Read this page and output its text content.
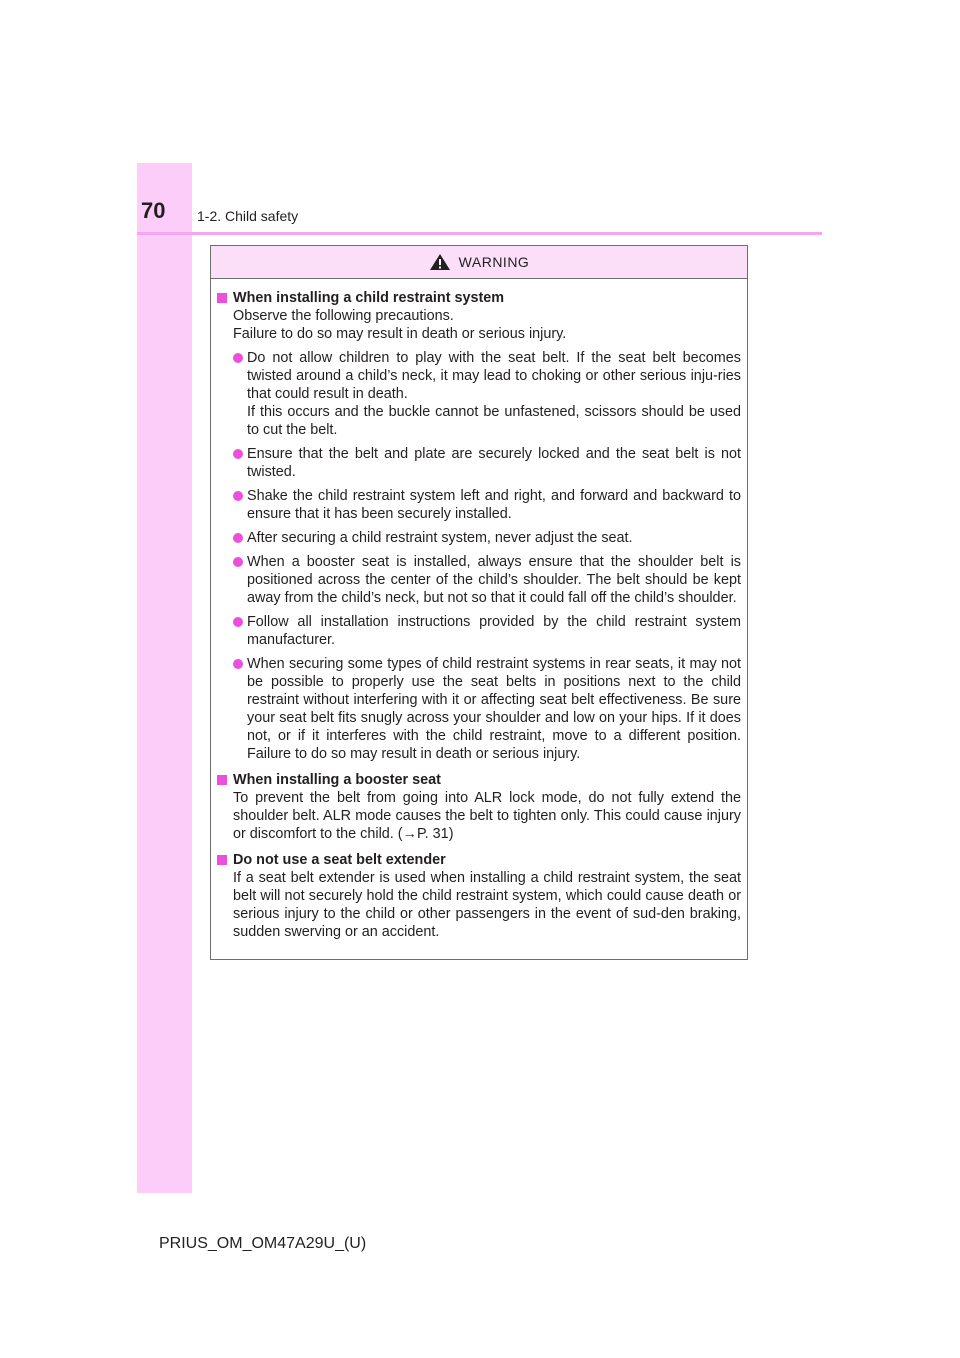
70 1-2. Child safety
WARNING
When installing a child restraint system
Observe the following precautions.
Failure to do so may result in death or serious injury.
Do not allow children to play with the seat belt. If the seat belt becomes twisted around a child’s neck, it may lead to choking or other serious inju-ries that could result in death.
If this occurs and the buckle cannot be unfastened, scissors should be used to cut the belt.
Ensure that the belt and plate are securely locked and the seat belt is not twisted.
Shake the child restraint system left and right, and forward and backward to ensure that it has been securely installed.
After securing a child restraint system, never adjust the seat.
When a booster seat is installed, always ensure that the shoulder belt is positioned across the center of the child’s shoulder. The belt should be kept away from the child’s neck, but not so that it could fall off the child’s shoulder.
Follow all installation instructions provided by the child restraint system manufacturer.
When securing some types of child restraint systems in rear seats, it may not be possible to properly use the seat belts in positions next to the child restraint without interfering with it or affecting seat belt effectiveness. Be sure your seat belt fits snugly across your shoulder and low on your hips. If it does not, or if it interferes with the child restraint, move to a different position. Failure to do so may result in death or serious injury.
When installing a booster seat
To prevent the belt from going into ALR lock mode, do not fully extend the shoulder belt. ALR mode causes the belt to tighten only. This could cause injury or discomfort to the child. (→P. 31)
Do not use a seat belt extender
If a seat belt extender is used when installing a child restraint system, the seat belt will not securely hold the child restraint system, which could cause death or serious injury to the child or other passengers in the event of sud-den braking, sudden swerving or an accident.
PRIUS_OM_OM47A29U_(U)
